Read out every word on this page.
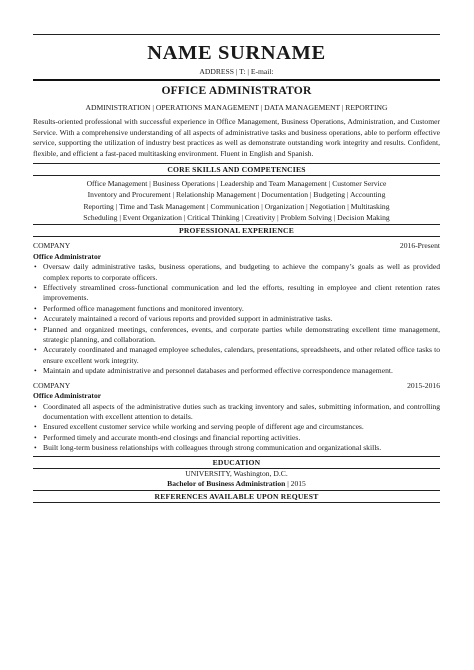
NAME SURNAME
ADDRESS | T: | E-mail:
OFFICE ADMINISTRATOR
ADMINISTRATION | OPERATIONS MANAGEMENT | DATA MANAGEMENT | REPORTING
Results-oriented professional with successful experience in Office Management, Business Operations, Administration, and Customer Service. With a comprehensive understanding of all aspects of administrative tasks and business operations, able to perform effective service, supporting the utilization of industry best practices as well as demonstrate outstanding work integrity and results. Confident, flexible, and efficient a fast-paced multitasking environment. Fluent in English and Spanish.
CORE SKILLS AND COMPETENCIES
Office Management | Business Operations | Leadership and Team Management | Customer Service
Inventory and Procurement | Relationship Management | Documentation | Budgeting | Accounting
Reporting | Time and Task Management | Communication | Organization | Negotiation | Multitasking
Scheduling | Event Organization | Critical Thinking | Creativity | Problem Solving | Decision Making
PROFESSIONAL EXPERIENCE
COMPANY	2016-Present
Office Administrator
• Oversaw daily administrative tasks, business operations, and budgeting to achieve the company’s goals as well as provided complex reports to corporate officers.
• Effectively streamlined cross-functional communication and led the efforts, resulting in employee and client retention rates improvements.
• Performed office management functions and monitored inventory.
• Accurately maintained a record of various reports and provided support in administrative tasks.
• Planned and organized meetings, conferences, events, and corporate parties while demonstrating excellent time management, strategic planning, and collaboration.
• Accurately coordinated and managed employee schedules, calendars, presentations, spreadsheets, and other related office tasks to ensure excellent work integrity.
• Maintain and update administrative and personnel databases and performed effective correspondence management.
COMPANY	2015-2016
Office Administrator
• Coordinated all aspects of the administrative duties such as tracking inventory and sales, submitting information, and controlling documentation with excellent attention to details.
• Ensured excellent customer service while working and serving people of different age and circumstances.
• Performed timely and accurate month-end closings and financial reporting activities.
• Built long-term business relationships with colleagues through strong communication and organizational skills.
EDUCATION
UNIVERSITY, Washington, D.C.
Bachelor of Business Administration | 2015
REFERENCES AVAILABLE UPON REQUEST
